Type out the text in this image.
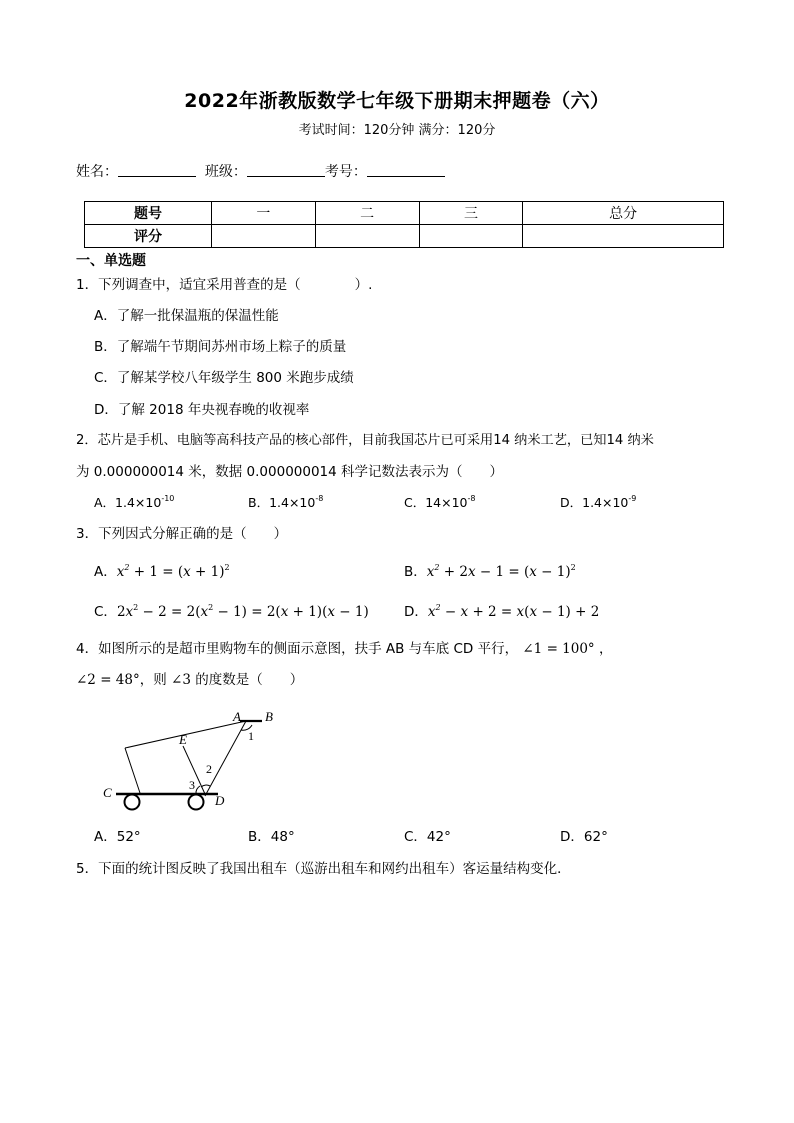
2022年浙教版数学七年级下册期末押题卷（六）
考试时间：120分钟 满分：120分
姓名：	班级：	考号：
题号	一	二	三	总分
评分				
一、单选题
1．下列调查中，适宜采用普查的是（　　　　）.
A．了解一批保温瓶的保温性能
B．了解端午节期间苏州市场上粽子的质量
C．了解某学校八年级学生 800 米跑步成绩
D．了解 2018 年央视春晚的收视率
2．芯片是手机、电脑等高科技产品的核心部件，目前我国芯片已可采用14 纳米工艺，已知14 纳米
为 0.000000014 米，数据 0.000000014 科学记数法表示为（　　）
A．$1.4\times 10^{-10}$	B．$1.4\times 10^{-8}$	C．$14\times 10^{-8}$	D．$1.4\times 10^{-9}$
3．下列因式分解正确的是（　　）
A．$x^2 + 1 = (x + 1)^2$	B．$x^2 + 2x - 1 = (x - 1)^2$
C．$2x^2 - 2 = 2(x^2 - 1) = 2(x + 1)(x - 1)$	D．$x^2 - x + 2 = x(x - 1) + 2$
4．如图所示的是超市里购物车的侧面示意图，扶手 AB 与车底 CD 平行， ∠1 = 100° ，
∠2 = 48°，则 ∠3 的度数是（　　）
A B
C
D
E	1
2
3
A．52°	B．48°	C．42°	D．62°
5．下面的统计图反映了我国出租车（巡游出租车和网约出租车）客运量结构变化．
